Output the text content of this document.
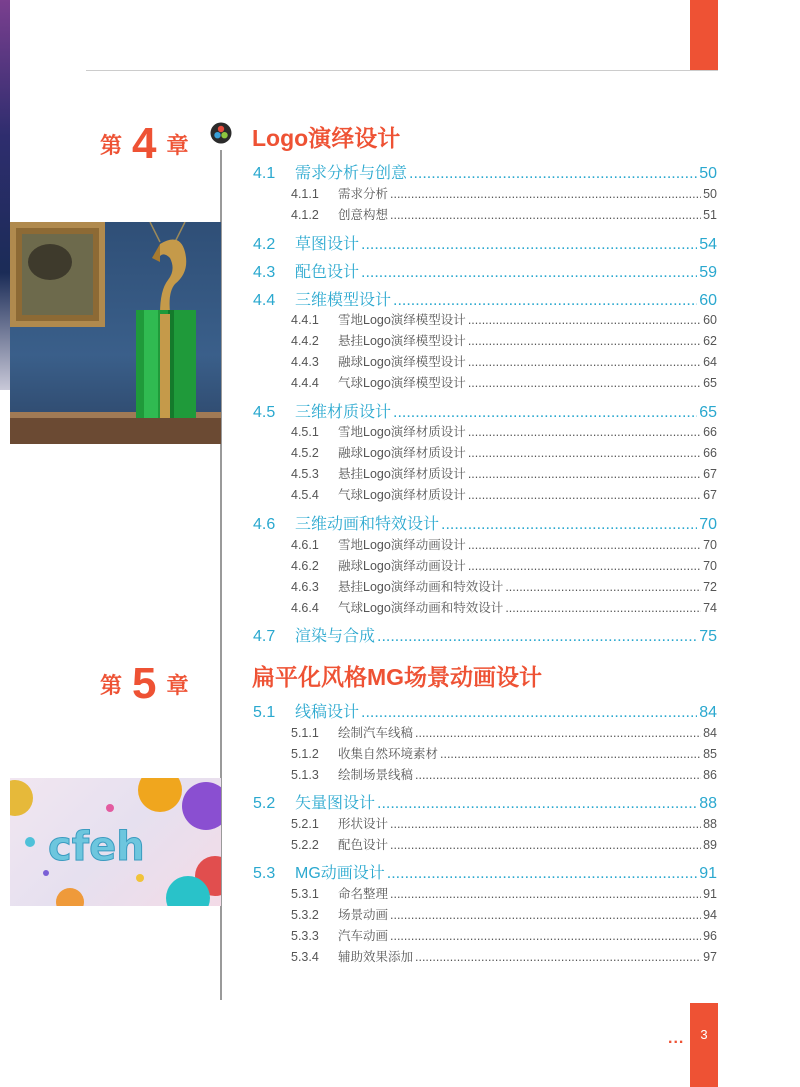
第 4 章	Logo演绎设计
第 5 章	扁平化风格MG场景动画设计
cfeh
4.1	需求分析与创意 .....	50
4.1.1	需求分析 .....	50
4.1.2	创意构想 .....	51
4.2	草图设计 .....	54
4.3	配色设计 .....	59
4.4	三维模型设计 .....	60
4.4.1	雪地Logo演绎模型设计 .....	60
4.4.2	悬挂Logo演绎模型设计 .....	62
4.4.3	融球Logo演绎模型设计 .....	64
4.4.4	气球Logo演绎模型设计 .....	65
4.5	三维材质设计 .....	65
4.5.1	雪地Logo演绎材质设计 .....	66
4.5.2	融球Logo演绎材质设计 .....	66
4.5.3	悬挂Logo演绎材质设计 .....	67
4.5.4	气球Logo演绎材质设计 .....	67
4.6	三维动画和特效设计 .....	70
4.6.1	雪地Logo演绎动画设计 .....	70
4.6.2	融球Logo演绎动画设计 .....	70
4.6.3	悬挂Logo演绎动画和特效设计 .....	72
4.6.4	气球Logo演绎动画和特效设计 .....	74
4.7	渲染与合成 .....	75
5.1	线稿设计 .....	84
5.1.1	绘制汽车线稿 .....	84
5.1.2	收集自然环境素材 .....	85
5.1.3	绘制场景线稿 .....	86
5.2	矢量图设计 .....	88
5.2.1	形状设计 .....	88
5.2.2	配色设计 .....	89
5.3	MG动画设计 .....	91
5.3.1	命名整理 .....	91
5.3.2	场景动画 .....	94
5.3.3	汽车动画 .....	96
5.3.4	辅助效果添加 .....	97
... 3
